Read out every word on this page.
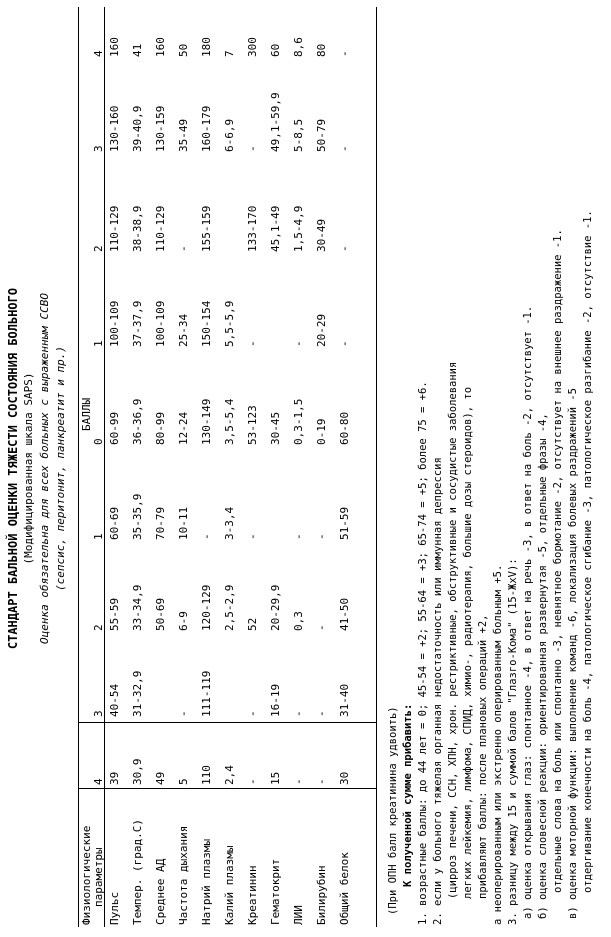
СТАНДАРТ БАЛЬНОЙ ОЦЕНКИ ТЯЖЕСТИ СОСТОЯНИЯ БОЛЬНОГО (Модифицированная шкала SAPS) Оценка обязательна для всех больных с выраженным ССВО (сепсис, перитонит, панкреатит и пр.)
Физиологические параметры
БАЛЛЫ
4
3
2
1
0
1
2
3
4
Пульс
39
40-54
55-59
60-69
60-99
100-109
110-129
130-160
160
Темпер. (град.С)
30,9
31-32,9
33-34,9
35-35,9
36-36,9
37-37,9
38-38,9
39-40,9
41
Среднее АД
49
50-69
70-79
80-99
100-109
110-129
130-159
160
Частота дыхания
5
-
6-9
10-11
12-24
25-34
-
35-49
50
Натрий плазмы
110
111-119
120-129
-
130-149
150-154
155-159
160-179
180
Калий плазмы
2,4
2,5-2,9
3-3,4
3,5-5,4
5,5-5,9
6-6,9
7
Креатинин
-
-
52
-
53-123
-
133-170
-
300
Гематокрит
15
16-19
20-29,9
30-45
45,1-49
49,1-59,9
60
ЛИИ
-
-
0,3
-
0,3-1,5
-
1,5-4,9
5-8,5
8,6
Билирубин
-
-
-
-
0-19
20-29
30-49
50-79
80
Общий белок
30
31-40
41-50
51-59
60-80
-
-
-
-
(При ОПН балл креатинина удвоить) К полученной сумме прибавить: 1. возрастные баллы: до 44 лет = 0; 45-54 = +2; 55-64 = +3; 65-74 = +5; более 75 = +6. 2. если у больного тяжелая органная недостаточность или иммунная депрессия (цирроз печени, ССН, ХПН, хрон. рестриктивные, обструктивные и сосудистые заболевания легких лейкемия, лимфома, СПИД, химио-, радиотерапия, большие дозы стероидов), то прибавляют баллы: после плановых операций +2, а неоперированным или экстренно оперированным больным +5. 3. разницу между 15 и суммой балов "Глазго-Кома" (15-ЖхV): а) оценка открывания глаз: спонтанное -4, в ответ на речь -3, в ответ на боль -2, отсутствует -1. б) оценка словесной реакции: ориентированная развернутая -5, отдельные фразы -4, отдельные слова на боль или спонтанно -3, невнятное бормотание -2, отсутствует на внешнее раздражение -1. в) оценка моторной функции: выполнение команд -6, локализация болевых раздражений -5 отдергивание конечности на боль -4, патологическое сгибание -3, патологическое разгибание -2, отсутствие -1.
